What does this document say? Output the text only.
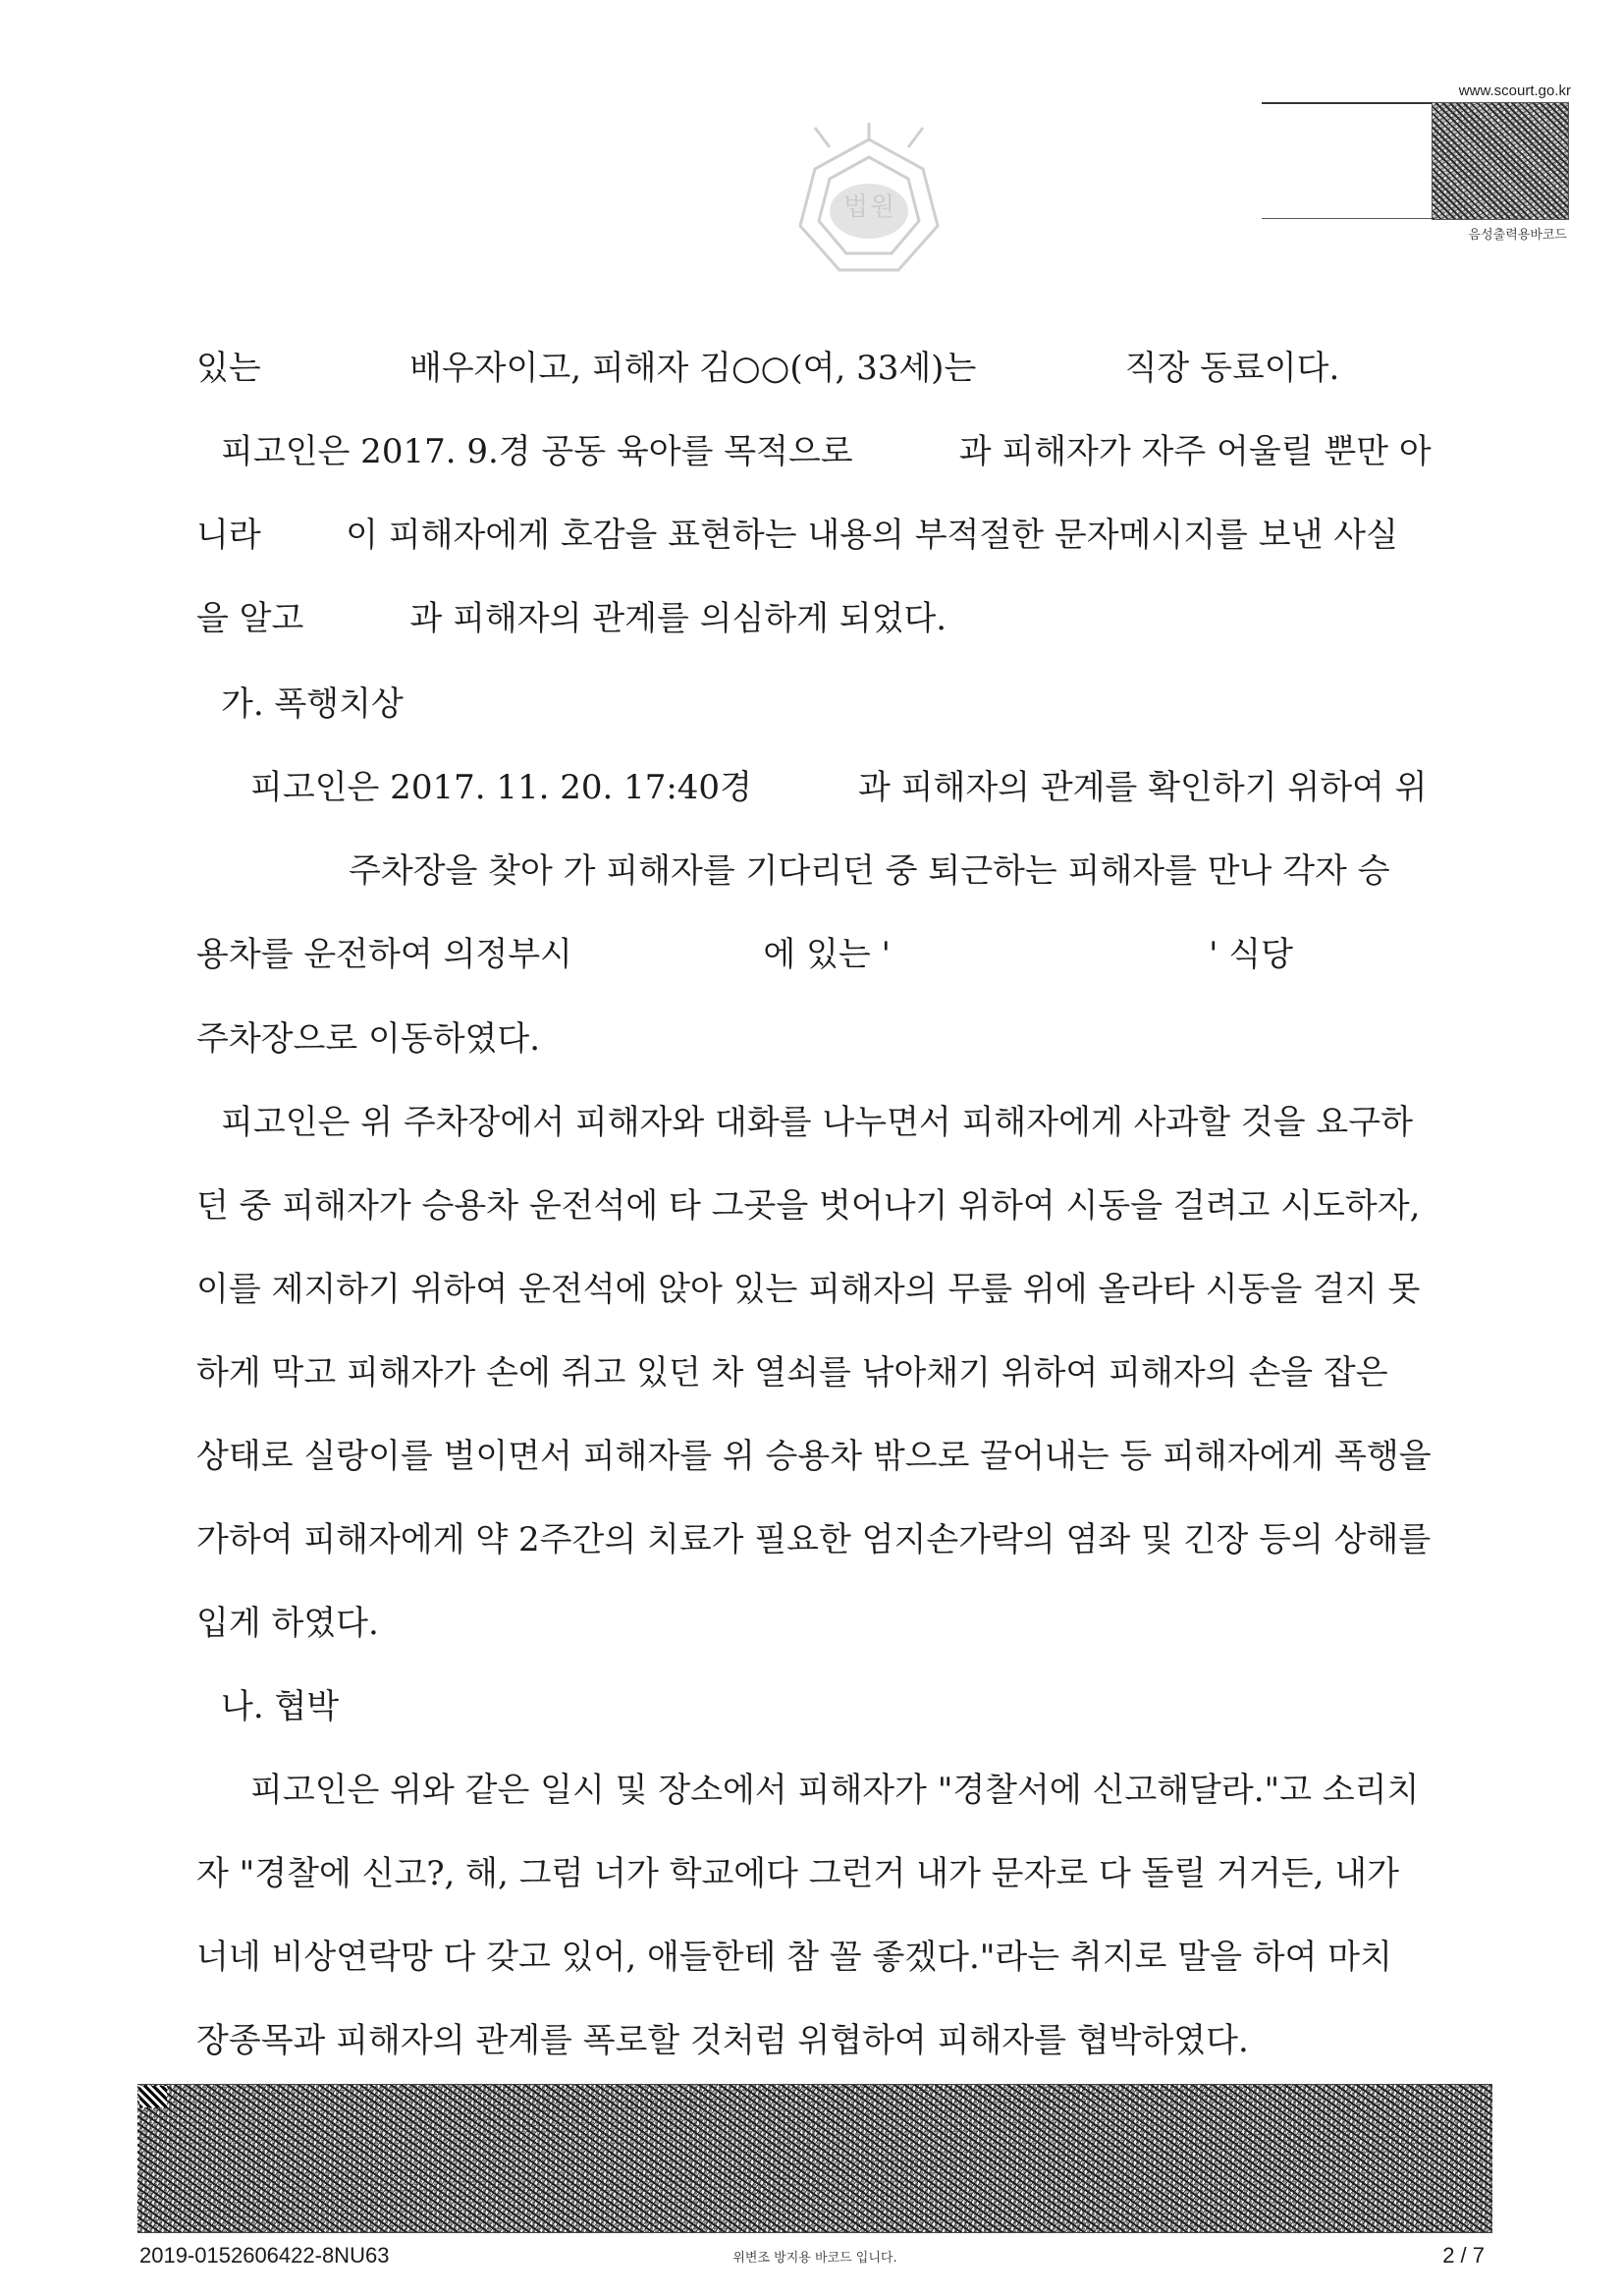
법원
www.scourt.go.kr
음성출력용바코드
있는              배우자이고, 피해자 김○○(여, 33세)는              직장 동료이다.
피고인은 2017. 9.경 공동 육아를 목적으로          과 피해자가 자주 어울릴 뿐만 아
니라        이 피해자에게 호감을 표현하는 내용의 부적절한 문자메시지를 보낸 사실
을 알고          과 피해자의 관계를 의심하게 되었다.
가. 폭행치상
피고인은 2017. 11. 20. 17:40경          과 피해자의 관계를 확인하기 위하여 위
주차장을 찾아 가 피해자를 기다리던 중 퇴근하는 피해자를 만나 각자 승
용차를 운전하여 의정부시                  에 있는 '                              ' 식당
주차장으로 이동하였다.
피고인은 위 주차장에서 피해자와 대화를 나누면서 피해자에게 사과할 것을 요구하
던 중 피해자가 승용차 운전석에 타 그곳을 벗어나기 위하여 시동을 걸려고 시도하자,
이를 제지하기 위하여 운전석에 앉아 있는 피해자의 무릎 위에 올라타 시동을 걸지 못
하게 막고 피해자가 손에 쥐고 있던 차 열쇠를 낚아채기 위하여 피해자의 손을 잡은
상태로 실랑이를 벌이면서 피해자를 위 승용차 밖으로 끌어내는 등 피해자에게 폭행을
가하여 피해자에게 약 2주간의 치료가 필요한 엄지손가락의 염좌 및 긴장 등의 상해를
입게 하였다.
나. 협박
피고인은 위와 같은 일시 및 장소에서 피해자가 "경찰서에 신고해달라."고 소리치
자 "경찰에 신고?, 해, 그럼 너가 학교에다 그런거 내가 문자로 다 돌릴 거거든, 내가
너네 비상연락망 다 갖고 있어, 애들한테 참 꼴 좋겠다."라는 취지로 말을 하여 마치
장종목과 피해자의 관계를 폭로할 것처럼 위협하여 피해자를 협박하였다.
2019-0152606422-8NU63	위변조 방지용 바코드 입니다.	2 / 7
